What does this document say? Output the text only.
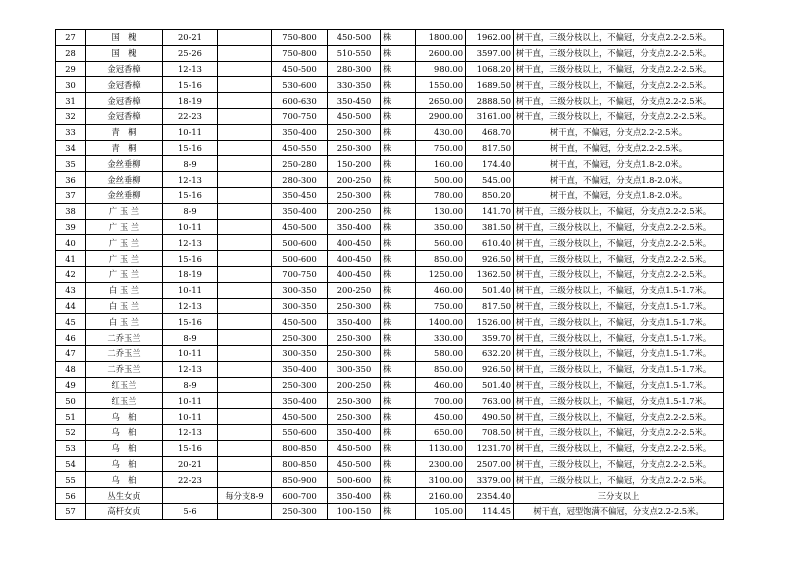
27	国　槐	20-21		750-800	450-500	株	1800.00	1962.00	树干直，三级分枝以上，不偏冠，分支点2.2-2.5米。
28	国　槐	25-26		750-800	510-550	株	2600.00	3597.00	树干直，三级分枝以上，不偏冠，分支点2.2-2.5米。
29	金冠香樟	12-13		450-500	280-300	株	980.00	1068.20	树干直，三级分枝以上，不偏冠，分支点2.2-2.5米。
30	金冠香樟	15-16		530-600	330-350	株	1550.00	1689.50	树干直，三级分枝以上，不偏冠，分支点2.2-2.5米。
31	金冠香樟	18-19		600-630	350-450	株	2650.00	2888.50	树干直，三级分枝以上，不偏冠，分支点2.2-2.5米。
32	金冠香樟	22-23		700-750	450-500	株	2900.00	3161.00	树干直，三级分枝以上，不偏冠，分支点2.2-2.5米。
33	青　桐	10-11		350-400	250-300	株	430.00	468.70	树干直，不偏冠，分支点2.2-2.5米。
34	青　桐	15-16		450-550	250-300	株	750.00	817.50	树干直，不偏冠，分支点2.2-2.5米。
35	金丝垂柳	8-9		250-280	150-200	株	160.00	174.40	树干直，不偏冠，分支点1.8-2.0米。
36	金丝垂柳	12-13		280-300	200-250	株	500.00	545.00	树干直，不偏冠，分支点1.8-2.0米。
37	金丝垂柳	15-16		350-450	250-300	株	780.00	850.20	树干直，不偏冠，分支点1.8-2.0米。
38	广 玉 兰	8-9		350-400	200-250	株	130.00	141.70	树干直，三级分枝以上，不偏冠，分支点2.2-2.5米。
39	广 玉 兰	10-11		450-500	350-400	株	350.00	381.50	树干直，三级分枝以上，不偏冠，分支点2.2-2.5米。
40	广 玉 兰	12-13		500-600	400-450	株	560.00	610.40	树干直，三级分枝以上，不偏冠，分支点2.2-2.5米。
41	广 玉 兰	15-16		500-600	400-450	株	850.00	926.50	树干直，三级分枝以上，不偏冠，分支点2.2-2.5米。
42	广 玉 兰	18-19		700-750	400-450	株	1250.00	1362.50	树干直，三级分枝以上，不偏冠，分支点2.2-2.5米。
43	白 玉 兰	10-11		300-350	200-250	株	460.00	501.40	树干直，三级分枝以上，不偏冠，分支点1.5-1.7米。
44	白 玉 兰	12-13		300-350	250-300	株	750.00	817.50	树干直，三级分枝以上，不偏冠，分支点1.5-1.7米。
45	白 玉 兰	15-16		450-500	350-400	株	1400.00	1526.00	树干直，三级分枝以上，不偏冠，分支点1.5-1.7米。
46	二乔玉兰	8-9		250-300	250-300	株	330.00	359.70	树干直，三级分枝以上，不偏冠，分支点1.5-1.7米。
47	二乔玉兰	10-11		300-350	250-300	株	580.00	632.20	树干直，三级分枝以上，不偏冠，分支点1.5-1.7米。
48	二乔玉兰	12-13		350-400	300-350	株	850.00	926.50	树干直，三级分枝以上，不偏冠，分支点1.5-1.7米。
49	红玉兰	8-9		250-300	200-250	株	460.00	501.40	树干直，三级分枝以上，不偏冠，分支点1.5-1.7米。
50	红玉兰	10-11		350-400	250-300	株	700.00	763.00	树干直，三级分枝以上，不偏冠，分支点1.5-1.7米。
51	乌　桕	10-11		450-500	250-300	株	450.00	490.50	树干直，三级分枝以上，不偏冠，分支点2.2-2.5米。
52	乌　桕	12-13		550-600	350-400	株	650.00	708.50	树干直，三级分枝以上，不偏冠，分支点2.2-2.5米。
53	乌　桕	15-16		800-850	450-500	株	1130.00	1231.70	树干直，三级分枝以上，不偏冠，分支点2.2-2.5米。
54	乌　桕	20-21		800-850	450-500	株	2300.00	2507.00	树干直，三级分枝以上，不偏冠，分支点2.2-2.5米。
55	乌　桕	22-23		850-900	500-600	株	3100.00	3379.00	树干直，三级分枝以上，不偏冠，分支点2.2-2.5米。
56	丛生女贞		每分支8-9	600-700	350-400	株	2160.00	2354.40	三分支以上
57	高杆女贞	5-6		250-300	100-150	株	105.00	114.45	树干直，冠型饱满不偏冠，分支点2.2-2.5米。
